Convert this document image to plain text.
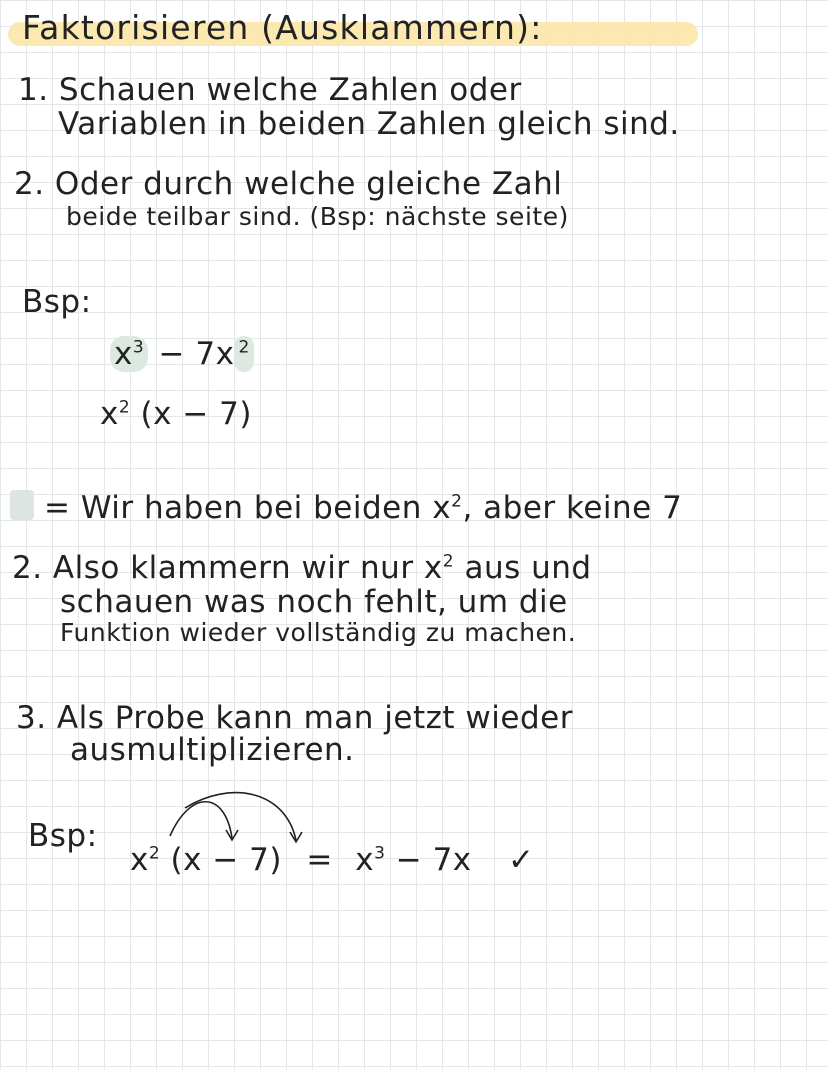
Faktorisieren (Ausklammern):
1. Schauen welche Zahlen oder
Variablen in beiden Zahlen gleich sind.
2. Oder durch welche gleiche Zahl
beide teilbar sind. (Bsp: nächste seite)
Bsp:
$x^3 - 7x$ $^2$
$x^2$ (x − 7)
= Wir haben bei beiden $x^2$, aber keine 7
2. Also klammern wir nur $x^2$ aus und
schauen was noch fehlt, um die
Funktion wieder vollständig zu machen.
3. Als Probe kann man jetzt wieder
ausmultiplizieren.
Bsp:
$x^2$ $(x - 7) = x^3 - 7x$ ✓
